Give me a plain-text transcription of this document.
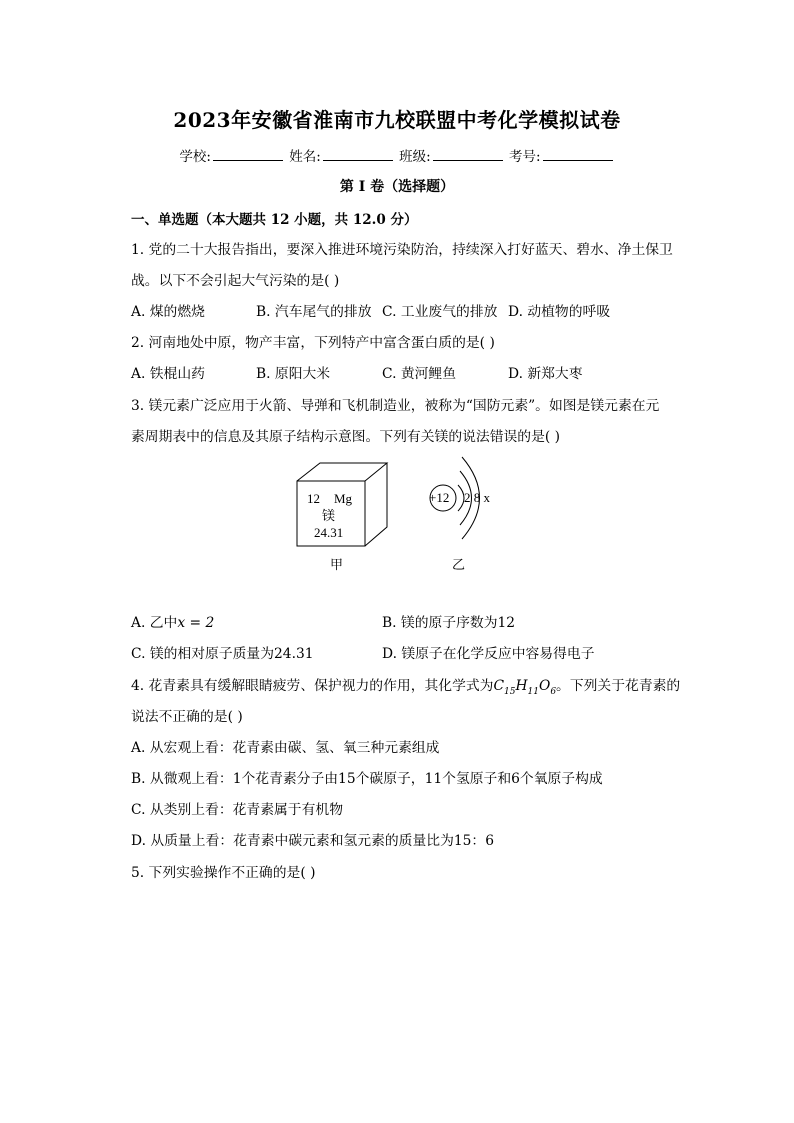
2023年安徽省淮南市九校联盟中考化学模拟试卷
学校:	姓名:	班级:	考号:
第 I 卷（选择题）
一、单选题（本大题共 12 小题，共 12.0 分）
1. 党的二十大报告指出，要深入推进环境污染防治，持续深入打好蓝天、碧水、净土保卫
战。以下不会引起大气污染的是( )
A. 煤的燃烧	B. 汽车尾气的排放 C. 工业废气的排放 D. 动植物的呼吸
2. 河南地处中原，物产丰富，下列特产中富含蛋白质的是( )
A. 铁棍山药	B. 原阳大米	C. 黄河鲤鱼	D. 新郑大枣
3. 镁元素广泛应用于火箭、导弹和飞机制造业，被称为“国防元素”。如图是镁元素在元
素周期表中的信息及其原子结构示意图。下列有关镁的说法错误的是( )
12 Mg
镁
24.31
甲
+12 2 8 x
乙
A. 乙中x = 2	B. 镁的原子序数为12
C. 镁的相对原子质量为24.31	D. 镁原子在化学反应中容易得电子
4. 花青素具有缓解眼睛疲劳、保护视力的作用，其化学式为$C_{15}H_{11}O_6$。下列关于花青素的
说法不正确的是( )
A. 从宏观上看：花青素由碳、氢、氧三种元素组成
B. 从微观上看：1个花青素分子由15个碳原子，11个氢原子和6个氧原子构成
C. 从类别上看：花青素属于有机物
D. 从质量上看：花青素中碳元素和氢元素的质量比为15：6
5. 下列实验操作不正确的是( )
